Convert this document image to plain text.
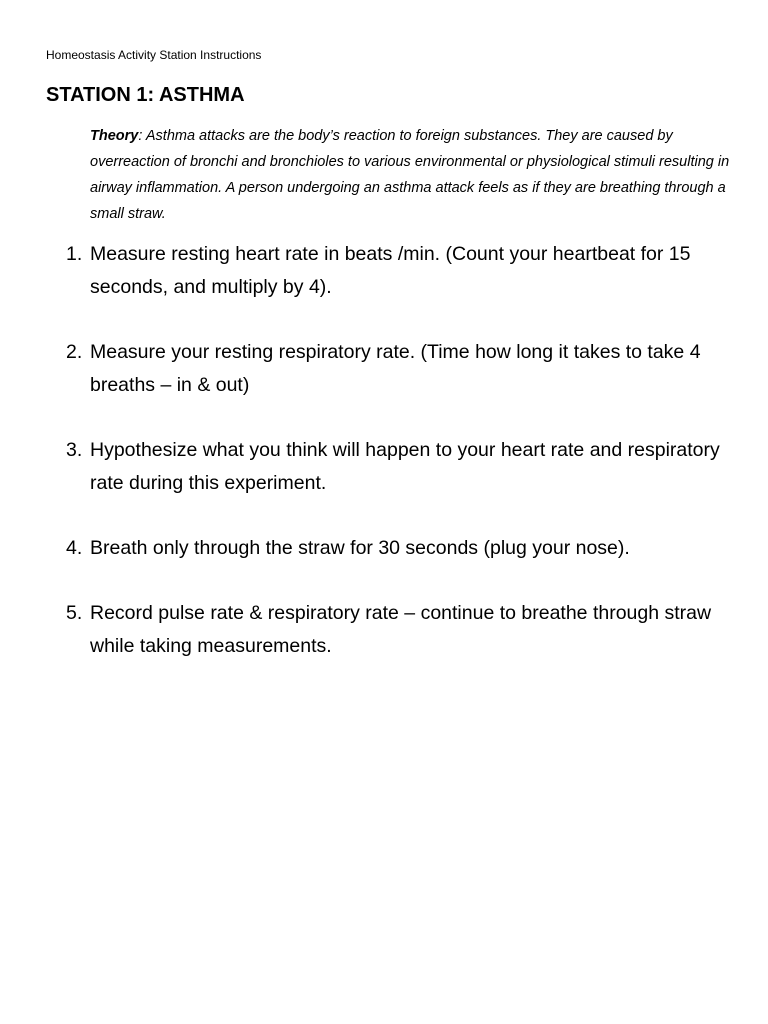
Homeostasis Activity Station Instructions
STATION 1: ASTHMA
Theory: Asthma attacks are the body’s reaction to foreign substances. They are caused by overreaction of bronchi and bronchioles to various environmental or physiological stimuli resulting in airway inflammation. A person undergoing an asthma attack feels as if they are breathing through a small straw.
1. Measure resting heart rate in beats /min. (Count your heartbeat for 15 seconds, and multiply by 4).
2. Measure your resting respiratory rate. (Time how long it takes to take 4 breaths – in & out)
3. Hypothesize what you think will happen to your heart rate and respiratory rate during this experiment.
4. Breath only through the straw for 30 seconds (plug your nose).
5. Record pulse rate & respiratory rate – continue to breathe through straw while taking measurements.
